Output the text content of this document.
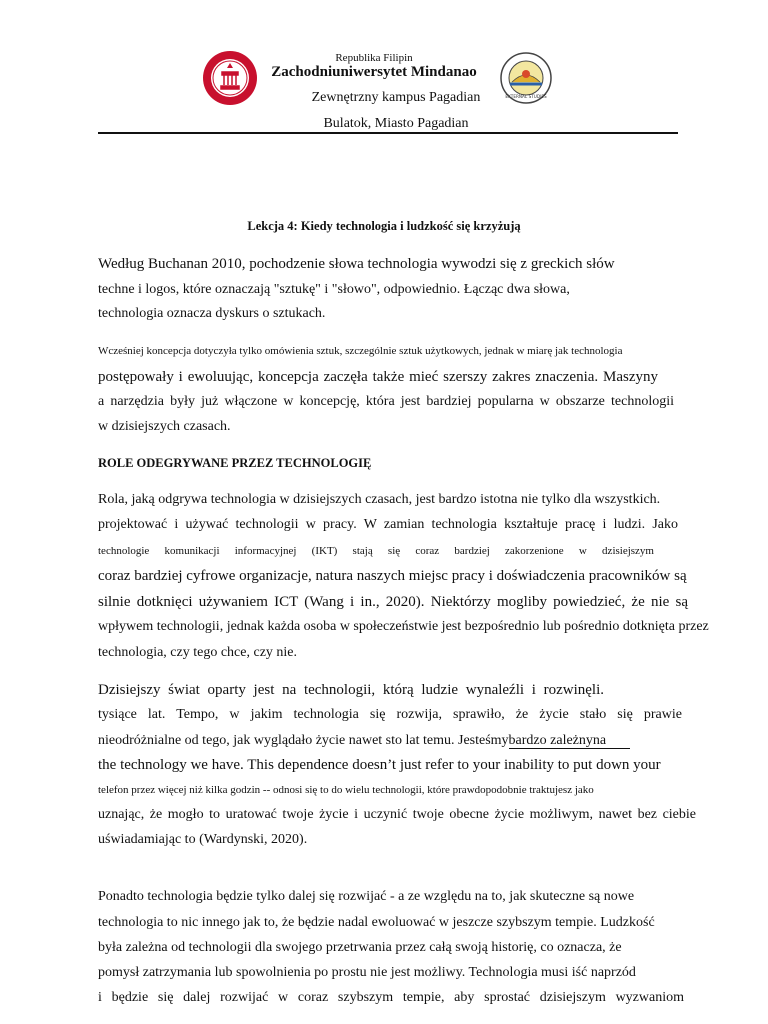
EXTERNAL STUDIES
Republika Filipin
Zachodniuniwersytet Mindanao
Zewnętrzny kampus Pagadian
Bulatok, Miasto Pagadian
Lekcja 4: Kiedy technologia i ludzkość się krzyżują
Według Buchanan 2010, pochodzenie słowa technologia wywodzi się z greckich słów
techne i logos, które oznaczają "sztukę" i "słowo", odpowiednio. Łącząc dwa słowa,
technologia oznacza dyskurs o sztukach.
Wcześniej koncepcja dotyczyła tylko omówienia sztuk, szczególnie sztuk użytkowych, jednak w miarę jak technologia
postępowały i ewoluując, koncepcja zaczęła także mieć szerszy zakres znaczenia. Maszyny
a narzędzia były już włączone w koncepcję, która jest bardziej popularna w obszarze technologii
w dzisiejszych czasach.
ROLE ODEGRYWANE PRZEZ TECHNOLOGIĘ
Rola, jaką odgrywa technologia w dzisiejszych czasach, jest bardzo istotna nie tylko dla wszystkich.
projektować i używać technologii w pracy. W zamian technologia kształtuje pracę i ludzi. Jako
technologie komunikacji informacyjnej (IKT) stają się coraz bardziej zakorzenione w dzisiejszym
coraz bardziej cyfrowe organizacje, natura naszych miejsc pracy i doświadczenia pracowników są
silnie dotknięci używaniem ICT (Wang i in., 2020). Niektórzy mogliby powiedzieć, że nie są
wpływem technologii, jednak każda osoba w społeczeństwie jest bezpośrednio lub pośrednio dotknięta przez
technologia, czy tego chce, czy nie.
Dzisiejszy świat oparty jest na technologii, którą ludzie wynaleźli i rozwinęli.
tysiące lat. Tempo, w jakim technologia się rozwija, sprawiło, że życie stało się prawie
nieodróżnialne od tego, jak wyglądało życie nawet sto lat temu. Jesteśmybardzo zależnyna
the technology we have. This dependence doesn’t just refer to your inability to put down your
telefon przez więcej niż kilka godzin -- odnosi się to do wielu technologii, które prawdopodobnie traktujesz jako
uznając, że mogło to uratować twoje życie i uczynić twoje obecne życie możliwym, nawet bez ciebie
uświadamiając to (Wardynski, 2020).
Ponadto technologia będzie tylko dalej się rozwijać - a ze względu na to, jak skuteczne są nowe
technologia to nic innego jak to, że będzie nadal ewoluować w jeszcze szybszym tempie. Ludzkość
była zależna od technologii dla swojego przetrwania przez całą swoją historię, co oznacza, że
pomysł zatrzymania lub spowolnienia po prostu nie jest możliwy. Technologia musi iść naprzód
i będzie się dalej rozwijać w coraz szybszym tempie, aby sprostać dzisiejszym wyzwaniom
